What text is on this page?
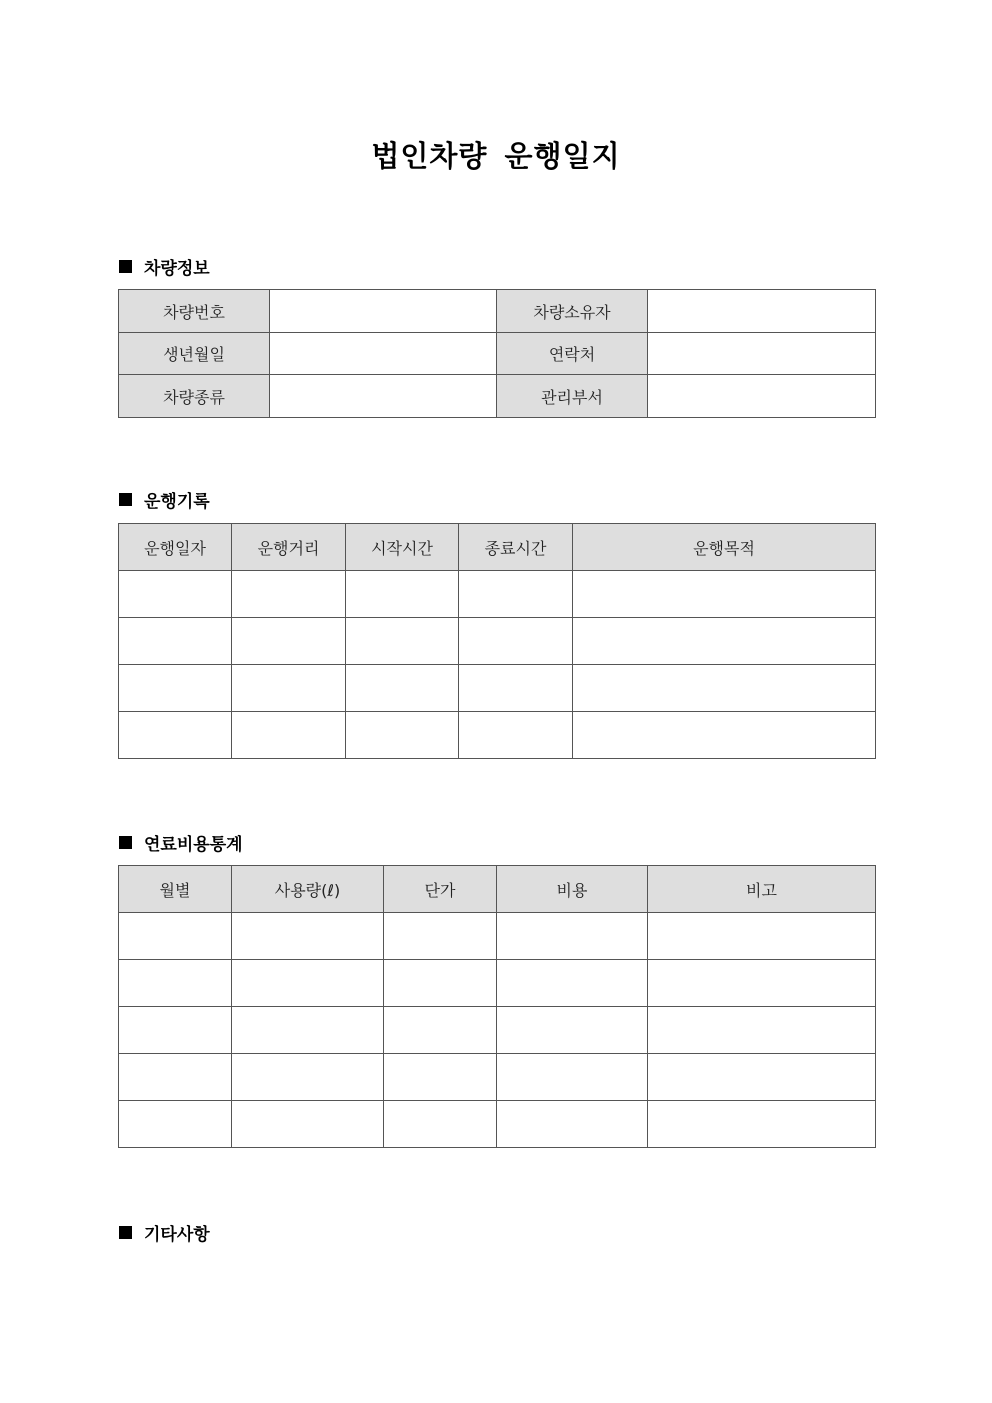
법인차량 운행일지
차량정보
차량번호		차량소유자	
생년월일		연락처	
차량종류		관리부서	
운행기록
운행일자	운행거리	시작시간	종료시간	운행목적

연료비용통계
월별	사용량(ℓ)	단가	비용	비고

기타사항
